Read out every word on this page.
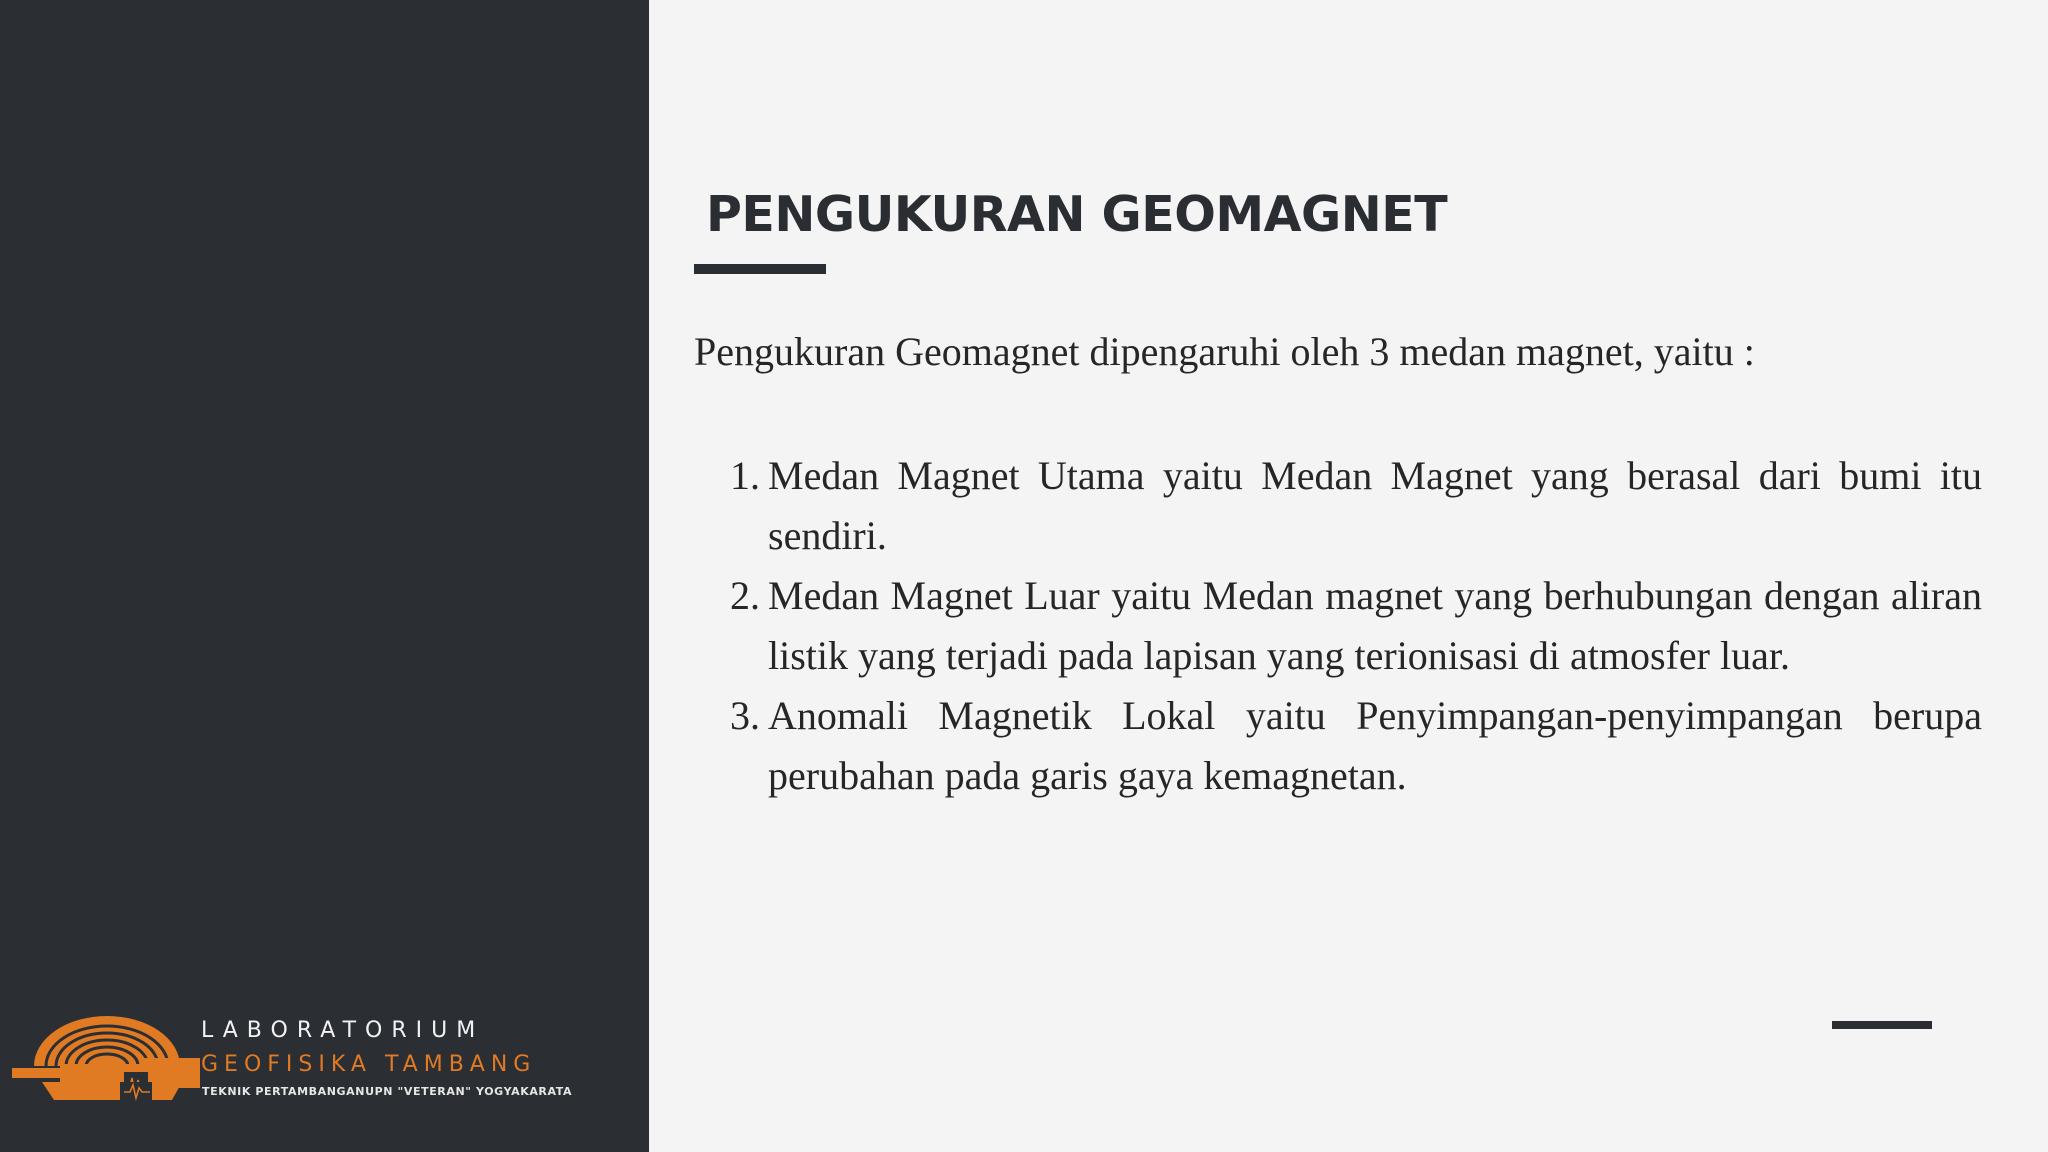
LABORATORIUM
GEOFISIKA TAMBANG
TEKNIK PERTAMBANGANUPN "VETERAN" YOGYAKARATA
PENGUKURAN GEOMAGNET

Pengukuran Geomagnet dipengaruhi oleh 3 medan magnet, yaitu :

1. Medan Magnet Utama yaitu Medan Magnet yang berasal dari bumi itu sendiri.
2. Medan Magnet Luar yaitu Medan magnet yang berhubungan dengan aliran listik yang terjadi pada lapisan yang terionisasi di atmosfer luar.
3. Anomali Magnetik Lokal yaitu Penyimpangan-penyimpangan berupa perubahan pada garis gaya kemagnetan.
